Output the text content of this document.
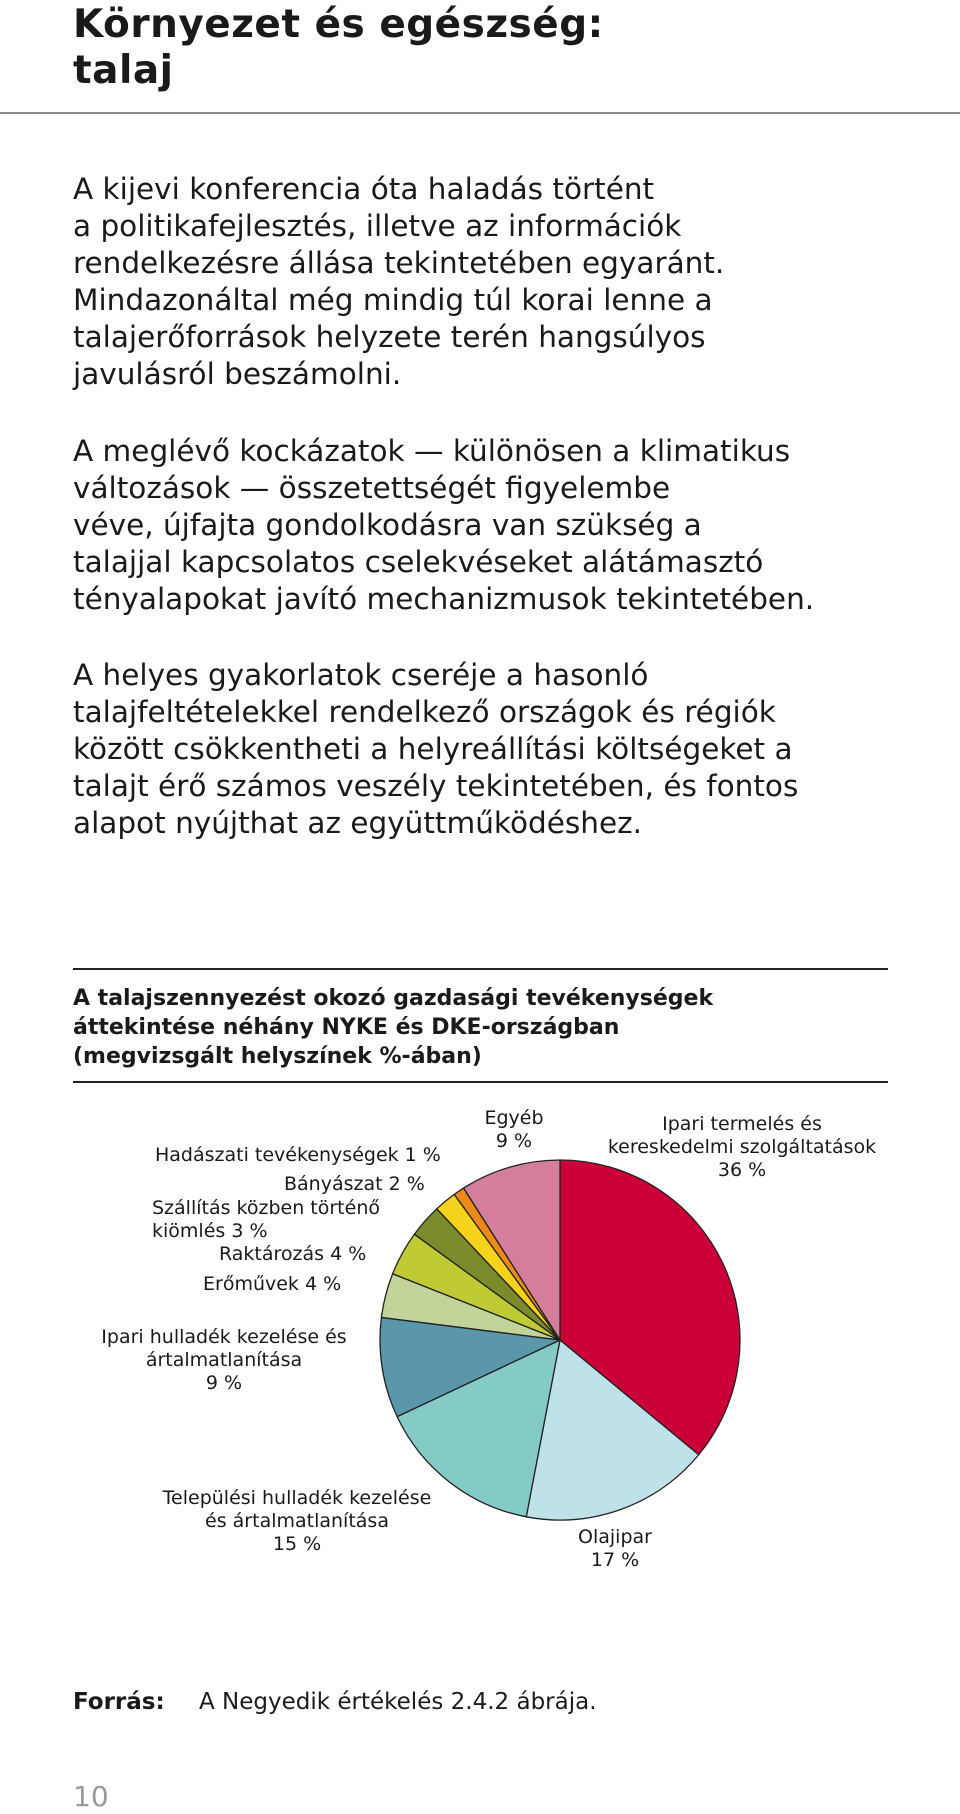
Környezet és egészség:
talaj

A kijevi konferencia óta haladás történt
a politikafejlesztés, illetve az információk
rendelkezésre állása tekintetében egyaránt.
Mindazonáltal még mindig túl korai lenne a
talajerőforrások helyzete terén hangsúlyos
javulásról beszámolni.

A meglévő kockázatok — különösen a klimatikus
változások — összetettségét figyelembe
véve, újfajta gondolkodásra van szükség a
talajjal kapcsolatos cselekvéseket alátámasztó
tényalapokat javító mechanizmusok tekintetében.

A helyes gyakorlatok cseréje a hasonló
talajfeltételekkel rendelkező országok és régiók
között csökkentheti a helyreállítási költségeket a
talajt érő számos veszély tekintetében, és fontos
alapot nyújthat az együttműködéshez.

A talajszennyezést okozó gazdasági tevékenységek
áttekintése néhány NYKE és DKE-országban
(megvizsgált helyszínek %-ában)

Ipari termelés és kereskedelmi szolgáltatások 36 %
Olajipar 17 %
Települési hulladék kezelése és ártalmatlanítása 15 %
Ipari hulladék kezelése és ártalmatlanítása 9 %
Erőművek 4 %
Raktározás 4 %
Szállítás közben történő kiömlés 3 %
Bányászat 2 %
Hadászati tevékenységek 1 %
Egyéb 9 %
Forrás: A Negyedik értékelés 2.4.2 ábrája.
10
